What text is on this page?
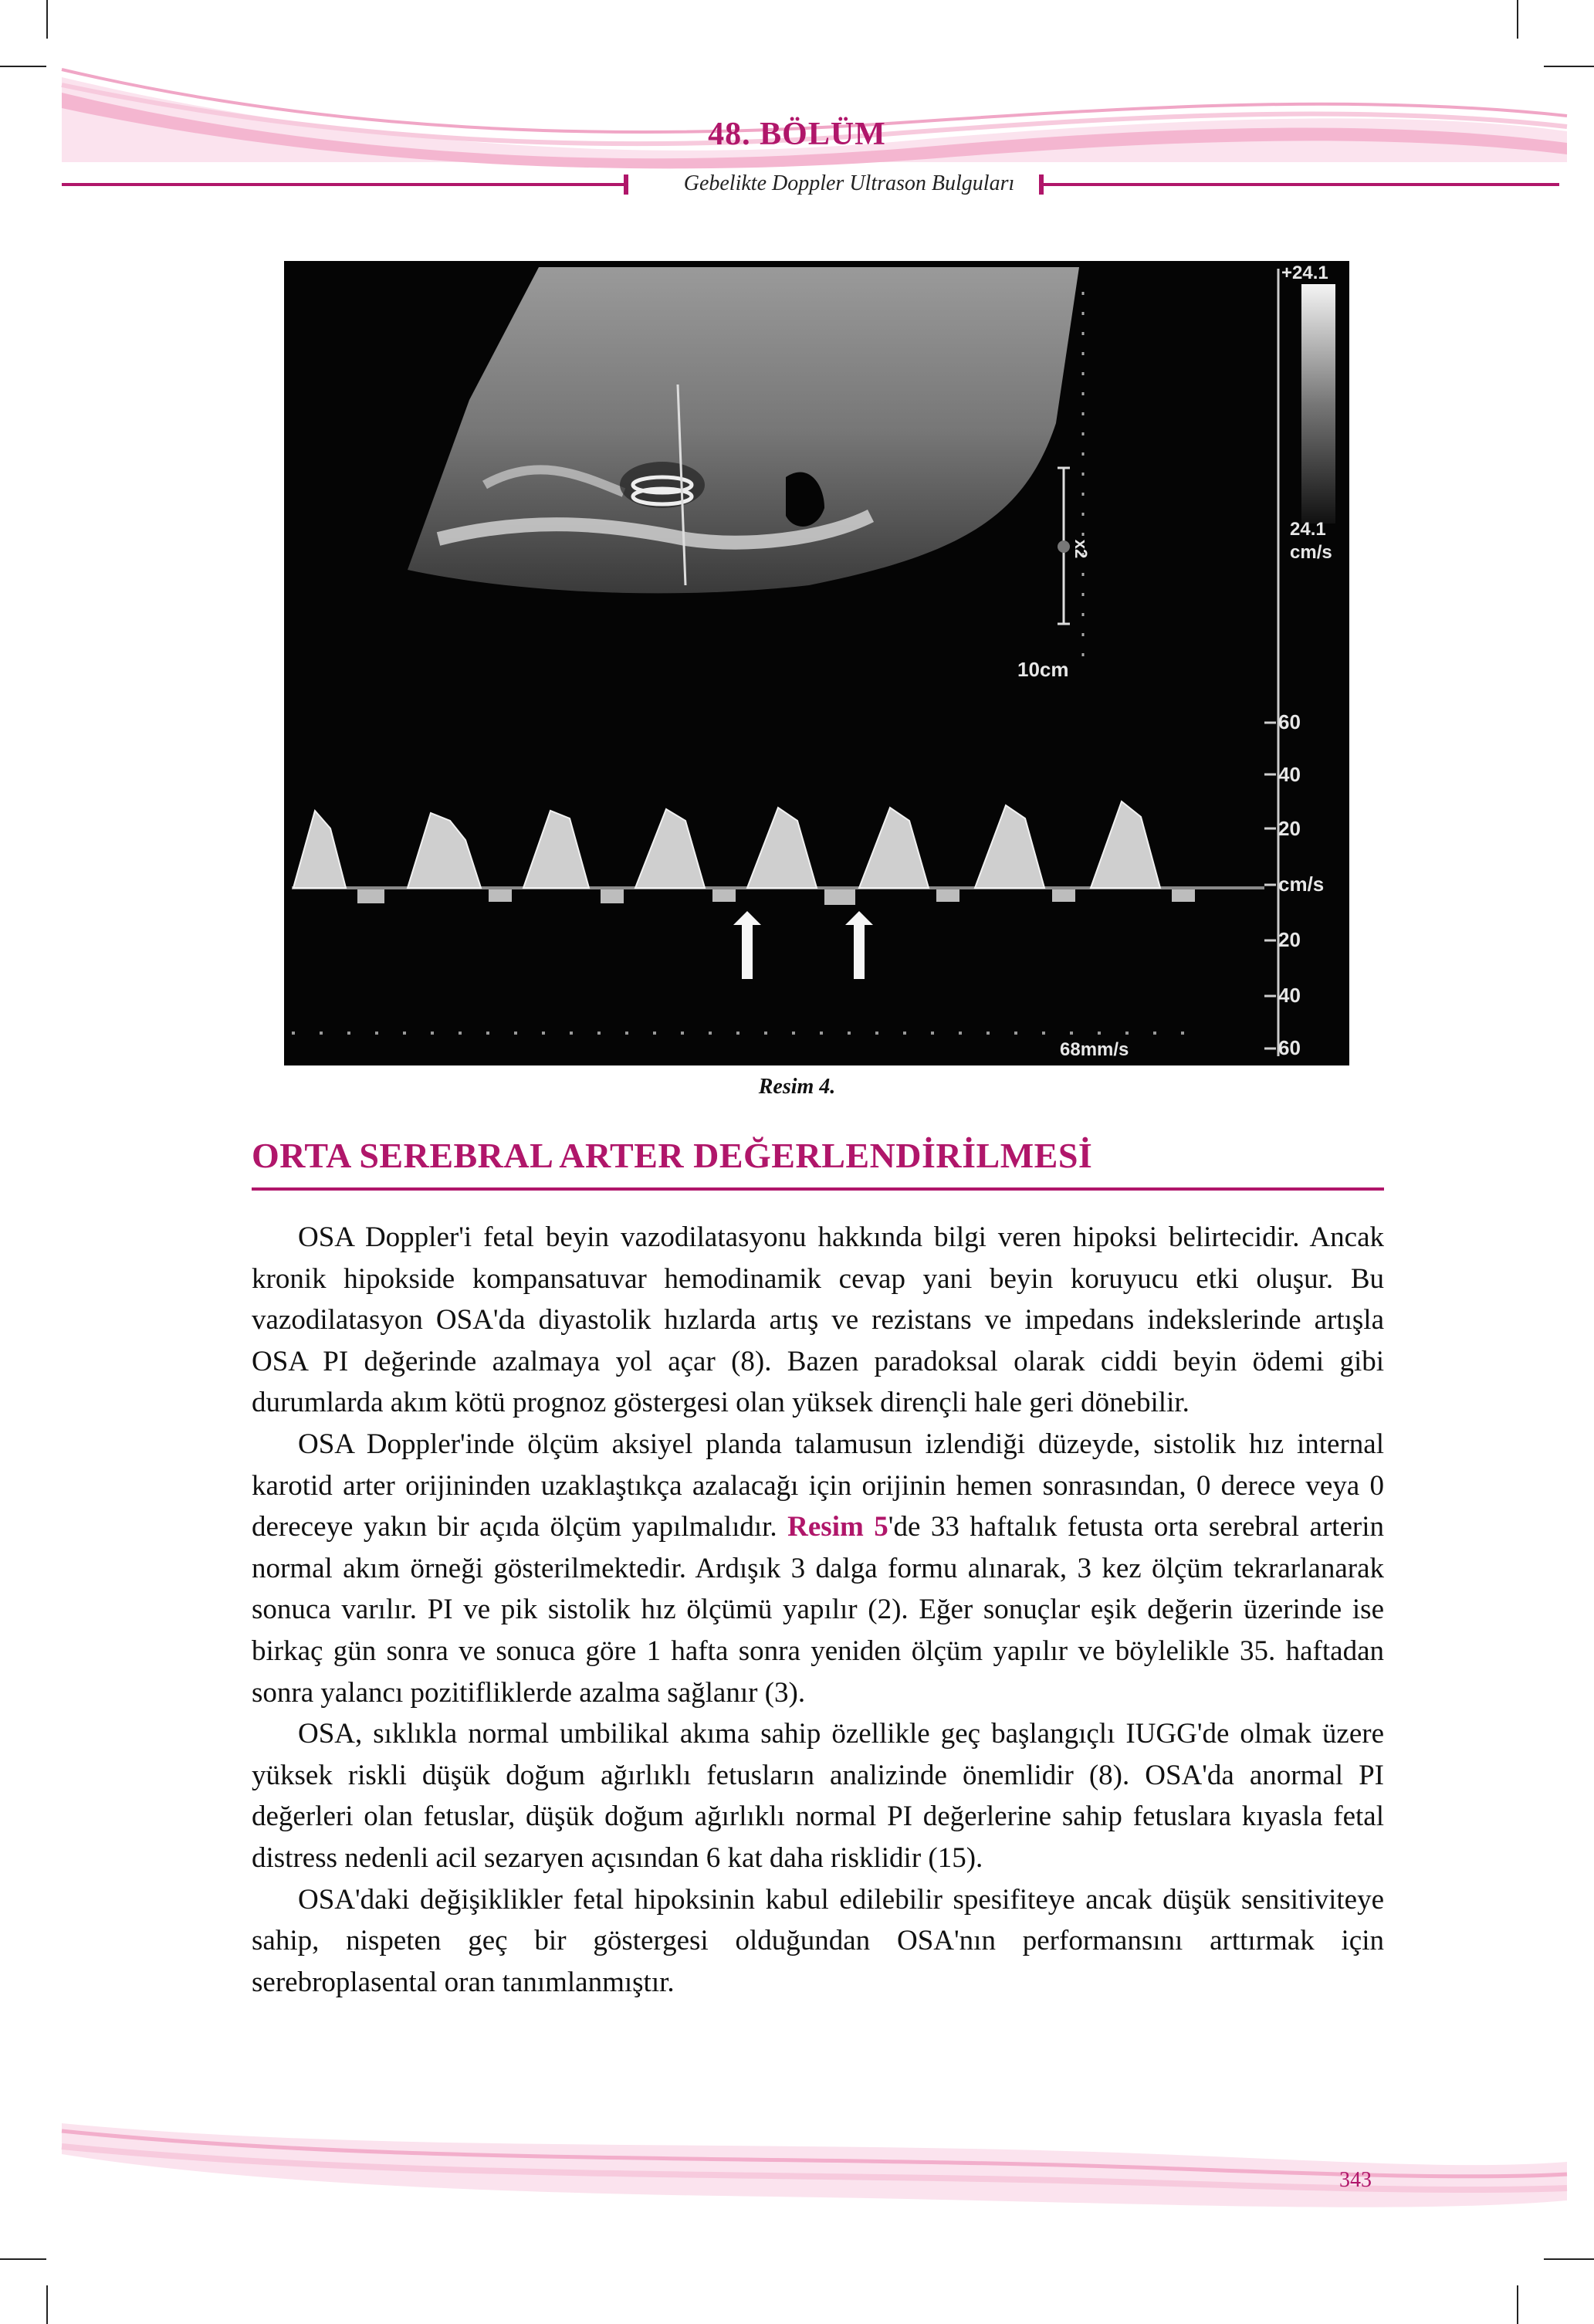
48. BÖLÜM
Gebelikte Doppler Ultrason Bulguları
+24.1
24.1
cm/s
x2
10cm
68mm/s
60
40
20
cm/s
20
40
60
Resim 4.
ORTA SEREBRAL ARTER DEĞERLENDİRİLMESİ

OSA Doppler'i fetal beyin vazodilatasyonu hakkında bilgi veren hipoksi belirtecidir. Ancak kronik hipokside kompansatuvar hemodinamik cevap yani beyin koruyucu etki oluşur. Bu vazodilatasyon OSA'da diyastolik hızlarda artış ve rezistans ve impedans indekslerinde artışla OSA PI değerinde azalmaya yol açar (8). Bazen paradoksal olarak ciddi beyin ödemi gibi durumlarda akım kötü prognoz göstergesi olan yüksek dirençli hale geri dönebilir.

OSA Doppler'inde ölçüm aksiyel planda talamusun izlendiği düzeyde, sistolik hız internal karotid arter orijininden uzaklaştıkça azalacağı için orijinin hemen sonrasından, 0 derece veya 0 dereceye yakın bir açıda ölçüm yapılmalıdır. Resim 5'de 33 haftalık fetusta orta serebral arterin normal akım örneği gösterilmektedir. Ardışık 3 dalga formu alınarak, 3 kez ölçüm tekrarlanarak sonuca varılır. PI ve pik sistolik hız ölçümü yapılır (2). Eğer sonuçlar eşik değerin üzerinde ise birkaç gün sonra ve sonuca göre 1 hafta sonra yeniden ölçüm yapılır ve böylelikle 35. haftadan sonra yalancı pozitifliklerde azalma sağlanır (3).

OSA, sıklıkla normal umbilikal akıma sahip özellikle geç başlangıçlı IUGG'de olmak üzere yüksek riskli düşük doğum ağırlıklı fetusların analizinde önemlidir (8). OSA'da anormal PI değerleri olan fetuslar, düşük doğum ağırlıklı normal PI değerlerine sahip fetuslara kıyasla fetal distress nedenli acil sezaryen açısından 6 kat daha risklidir (15).

OSA'daki değişiklikler fetal hipoksinin kabul edilebilir spesifiteye ancak düşük sensitiviteye sahip, nispeten geç bir göstergesi olduğundan OSA'nın performansını arttırmak için serebroplasental oran tanımlanmıştır.

343
